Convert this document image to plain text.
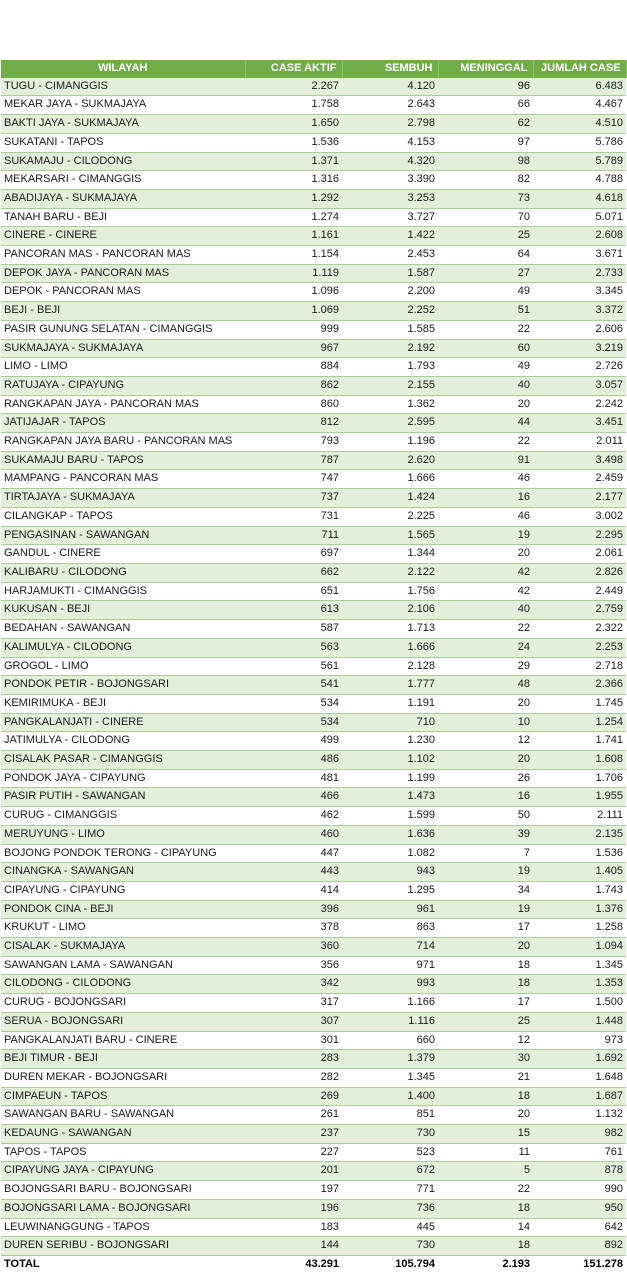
WILAYAH	CASE AKTIF	SEMBUH	MENINGGAL	JUMLAH CASE
TUGU - CIMANGGIS	2.267	4.120	96	6.483
MEKAR JAYA - SUKMAJAYA	1.758	2.643	66	4.467
BAKTI JAYA - SUKMAJAYA	1.650	2.798	62	4.510
SUKATANI - TAPOS	1.536	4.153	97	5.786
SUKAMAJU - CILODONG	1.371	4.320	98	5.789
MEKARSARI - CIMANGGIS	1.316	3.390	82	4.788
ABADIJAYA - SUKMAJAYA	1.292	3.253	73	4.618
TANAH BARU - BEJI	1.274	3.727	70	5.071
CINERE - CINERE	1.161	1.422	25	2.608
PANCORAN MAS - PANCORAN MAS	1.154	2.453	64	3.671
DEPOK JAYA - PANCORAN MAS	1.119	1.587	27	2.733
DEPOK - PANCORAN MAS	1.096	2.200	49	3.345
BEJI - BEJI	1.069	2.252	51	3.372
PASIR GUNUNG SELATAN - CIMANGGIS	999	1.585	22	2.606
SUKMAJAYA - SUKMAJAYA	967	2.192	60	3.219
LIMO - LIMO	884	1.793	49	2.726
RATUJAYA - CIPAYUNG	862	2.155	40	3.057
RANGKAPAN JAYA - PANCORAN MAS	860	1.362	20	2.242
JATIJAJAR - TAPOS	812	2.595	44	3.451
RANGKAPAN JAYA BARU - PANCORAN MAS	793	1.196	22	2.011
SUKAMAJU BARU - TAPOS	787	2.620	91	3.498
MAMPANG - PANCORAN MAS	747	1.666	46	2.459
TIRTAJAYA - SUKMAJAYA	737	1.424	16	2.177
CILANGKAP - TAPOS	731	2.225	46	3.002
PENGASINAN - SAWANGAN	711	1.565	19	2.295
GANDUL - CINERE	697	1.344	20	2.061
KALIBARU - CILODONG	662	2.122	42	2.826
HARJAMUKTI - CIMANGGIS	651	1.756	42	2.449
KUKUSAN - BEJI	613	2.106	40	2.759
BEDAHAN - SAWANGAN	587	1.713	22	2.322
KALIMULYA - CILODONG	563	1.666	24	2.253
GROGOL - LIMO	561	2.128	29	2.718
PONDOK PETIR - BOJONGSARI	541	1.777	48	2.366
KEMIRIMUKA - BEJI	534	1.191	20	1.745
PANGKALANJATI - CINERE	534	710	10	1.254
JATIMULYA - CILODONG	499	1.230	12	1.741
CISALAK PASAR - CIMANGGIS	486	1.102	20	1.608
PONDOK JAYA - CIPAYUNG	481	1.199	26	1.706
PASIR PUTIH - SAWANGAN	466	1.473	16	1.955
CURUG - CIMANGGIS	462	1.599	50	2.111
MERUYUNG - LIMO	460	1.636	39	2.135
BOJONG PONDOK TERONG - CIPAYUNG	447	1.082	7	1.536
CINANGKA - SAWANGAN	443	943	19	1.405
CIPAYUNG - CIPAYUNG	414	1.295	34	1.743
PONDOK CINA - BEJI	396	961	19	1.376
KRUKUT - LIMO	378	863	17	1.258
CISALAK - SUKMAJAYA	360	714	20	1.094
SAWANGAN LAMA - SAWANGAN	356	971	18	1.345
CILODONG - CILODONG	342	993	18	1.353
CURUG - BOJONGSARI	317	1.166	17	1.500
SERUA - BOJONGSARI	307	1.116	25	1.448
PANGKALANJATI BARU - CINERE	301	660	12	973
BEJI TIMUR - BEJI	283	1.379	30	1.692
DUREN MEKAR - BOJONGSARI	282	1.345	21	1.648
CIMPAEUN - TAPOS	269	1.400	18	1.687
SAWANGAN BARU - SAWANGAN	261	851	20	1.132
KEDAUNG - SAWANGAN	237	730	15	982
TAPOS - TAPOS	227	523	11	761
CIPAYUNG JAYA - CIPAYUNG	201	672	5	878
BOJONGSARI BARU - BOJONGSARI	197	771	22	990
BOJONGSARI LAMA - BOJONGSARI	196	736	18	950
LEUWINANGGUNG - TAPOS	183	445	14	642
DUREN SERIBU - BOJONGSARI	144	730	18	892
TOTAL	43.291	105.794	2.193	151.278
